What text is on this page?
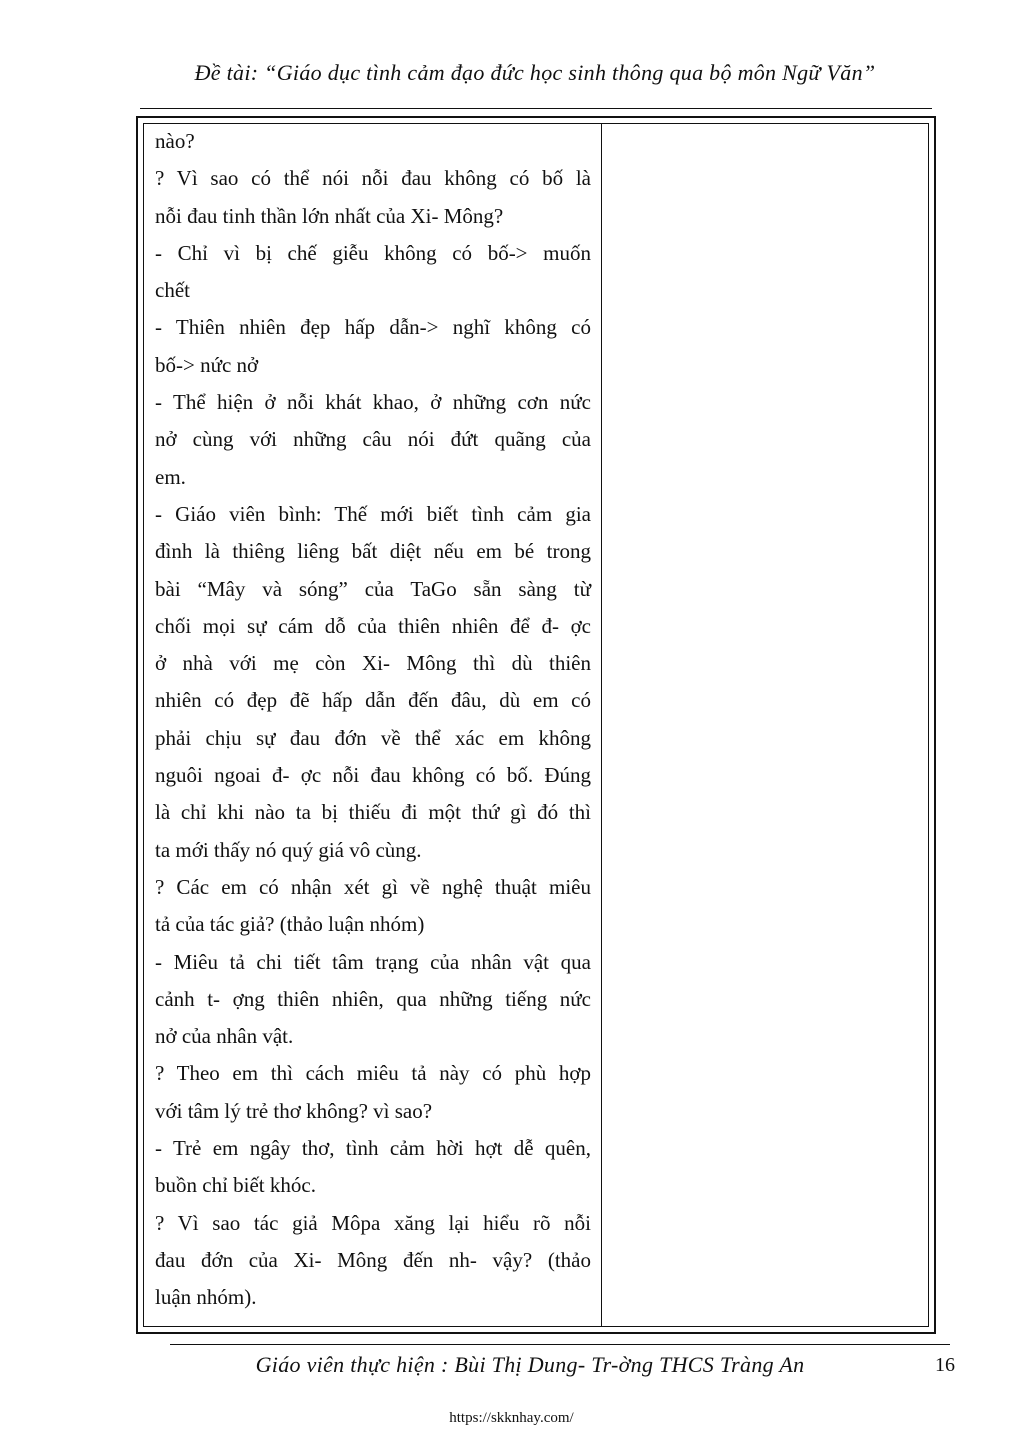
Đề tài: “Giáo dục tình cảm đạo đức học sinh thông qua bộ môn Ngữ Văn”
nào?
? Vì sao có thể nói nỗi đau không có bố là
nỗi đau tinh thần lớn nhất của Xi- Mông?
- Chỉ vì bị chế giễu không có bố-> muốn
chết
- Thiên nhiên đẹp hấp dẫn-> nghĩ không có
bố-> nức nở
- Thể hiện ở nỗi khát khao, ở những cơn nức
nở cùng với những câu nói đứt quãng của
em.
- Giáo viên bình: Thế mới biết tình cảm gia
đình là thiêng liêng bất diệt nếu em bé trong
bài “Mây và sóng” của TaGo sẵn sàng từ
chối mọi sự cám dỗ của thiên nhiên để đ- ợc
ở nhà với mẹ còn Xi- Mông thì dù thiên
nhiên có đẹp đẽ hấp dẫn đến đâu, dù em có
phải chịu sự đau đớn về thể xác em không
nguôi ngoai đ- ợc nỗi đau không có bố. Đúng
là chỉ khi nào ta bị thiếu đi một thứ gì đó thì
ta mới thấy nó quý giá vô cùng.
? Các em có nhận xét gì về nghệ thuật miêu
tả của tác giả? (thảo luận nhóm)
- Miêu tả chi tiết tâm trạng của nhân vật qua
cảnh t- ợng thiên nhiên, qua những tiếng nức
nở của nhân vật.
? Theo em thì cách miêu tả này có phù hợp
với tâm lý trẻ thơ không? vì sao?
- Trẻ em ngây thơ, tình cảm hời hợt dễ quên,
buồn chỉ biết khóc.
? Vì sao tác giả Môpa xăng lại hiểu rõ nỗi
đau đớn của Xi- Mông đến nh- vậy? (thảo
luận nhóm).
Giáo viên thực hiện : Bùi Thị Dung- Tr-ờng THCS Tràng An	16
https://skknhay.com/
